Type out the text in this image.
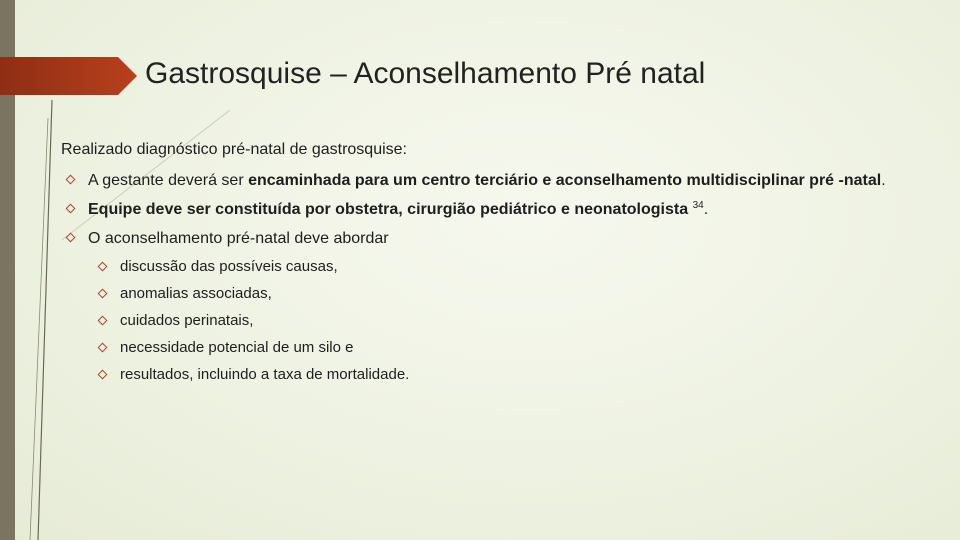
Gastrosquise – Aconselhamento Pré natal

Realizado diagnóstico pré-natal de gastrosquise:

A gestante deverá ser encaminhada para um centro terciário e aconselhamento multidisciplinar pré -natal.
Equipe deve ser constituída por obstetra, cirurgião pediátrico e neonatologista $^{34}$.
O aconselhamento pré-natal deve abordar
discussão das possíveis causas,
anomalias associadas,
cuidados perinatais,
necessidade potencial de um silo e
resultados, incluindo a taxa de mortalidade.
